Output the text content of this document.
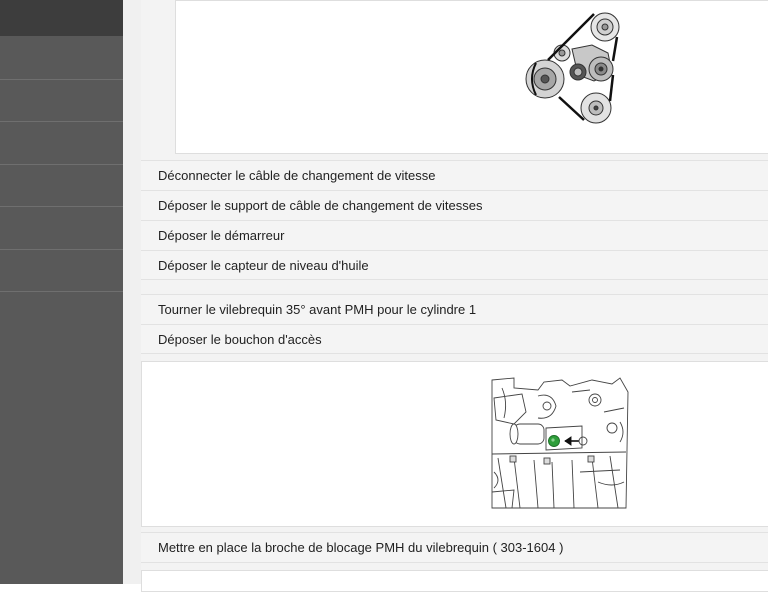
Déconnecter le câble de changement de vitesse
Déposer le support de câble de changement de vitesses
Déposer le démarreur
Déposer le capteur de niveau d'huile
Tourner le vilebrequin 35° avant PMH pour le cylindre 1
Déposer le bouchon d'accès
Mettre en place la broche de blocage PMH du vilebrequin ( 303-1604 )
